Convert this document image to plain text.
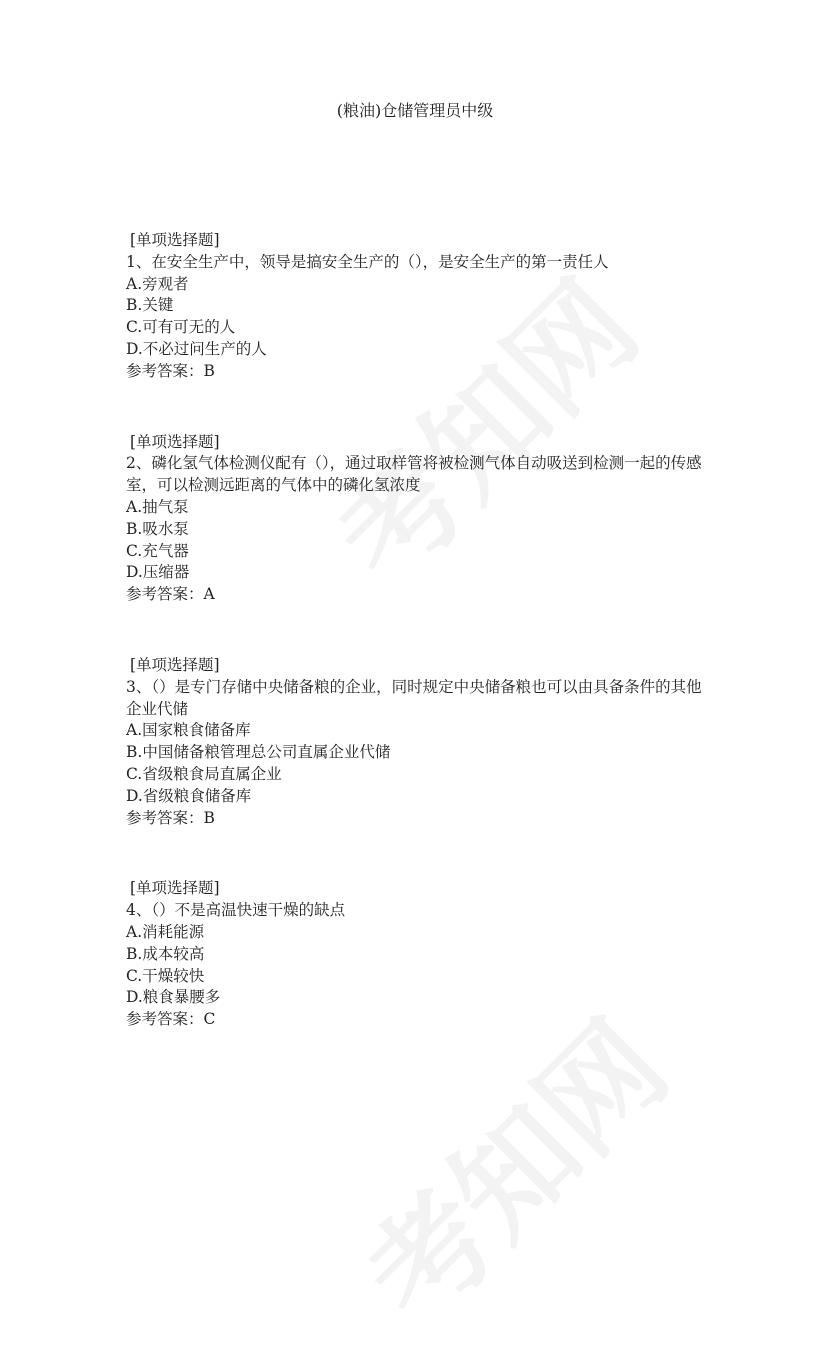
(粮油)仓储管理员中级
[单项选择题]
1、在安全生产中，领导是搞安全生产的（），是安全生产的第一责任人
A.旁观者
B.关键
C.可有可无的人
D.不必过问生产的人
参考答案：B
[单项选择题]
2、磷化氢气体检测仪配有（），通过取样管将被检测气体自动吸送到检测一起的传感室，可以检测远距离的气体中的磷化氢浓度
A.抽气泵
B.吸水泵
C.充气器
D.压缩器
参考答案：A
[单项选择题]
3、（）是专门存储中央储备粮的企业，同时规定中央储备粮也可以由具备条件的其他企业代储
A.国家粮食储备库
B.中国储备粮管理总公司直属企业代储
C.省级粮食局直属企业
D.省级粮食储备库
参考答案：B
[单项选择题]
4、（）不是高温快速干燥的缺点
A.消耗能源
B.成本较高
C.干燥较快
D.粮食暴腰多
参考答案：C
